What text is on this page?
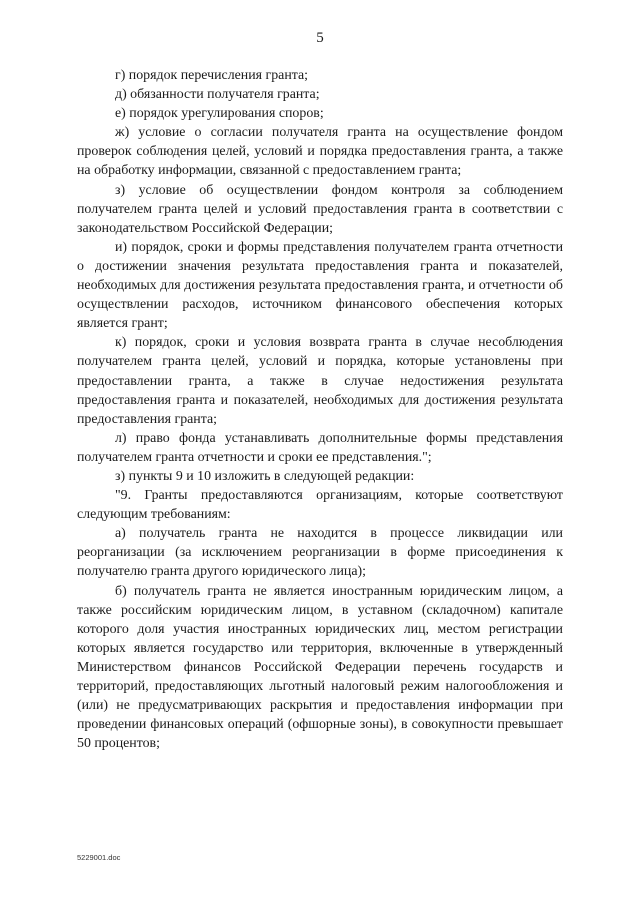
5

г) порядок перечисления гранта;

д) обязанности получателя гранта;

е) порядок урегулирования споров;

ж) условие о согласии получателя гранта на осуществление фондом проверок соблюдения целей, условий и порядка предоставления гранта, а также на обработку информации, связанной с предоставлением гранта;

з) условие об осуществлении фондом контроля за соблюдением получателем гранта целей и условий предоставления гранта в соответствии с законодательством Российской Федерации;

и) порядок, сроки и формы представления получателем гранта отчетности о достижении значения результата предоставления гранта и показателей, необходимых для достижения результата предоставления гранта, и отчетности об осуществлении расходов, источником финансового обеспечения которых является грант;

к) порядок, сроки и условия возврата гранта в случае несоблюдения получателем гранта целей, условий и порядка, которые установлены при предоставлении гранта, а также в случае недостижения результата предоставления гранта и показателей, необходимых для достижения результата предоставления гранта;

л) право фонда устанавливать дополнительные формы представления получателем гранта отчетности и сроки ее представления.";

з) пункты 9 и 10 изложить в следующей редакции:

"9. Гранты предоставляются организациям, которые соответствуют следующим требованиям:

а) получатель гранта не находится в процессе ликвидации или реорганизации (за исключением реорганизации в форме присоединения к получателю гранта другого юридического лица);

б) получатель гранта не является иностранным юридическим лицом, а также российским юридическим лицом, в уставном (складочном) капитале которого доля участия иностранных юридических лиц, местом регистрации которых является государство или территория, включенные в утвержденный Министерством финансов Российской Федерации перечень государств и территорий, предоставляющих льготный налоговый режим налогообложения и (или) не предусматривающих раскрытия и предоставления информации при проведении финансовых операций (офшорные зоны), в совокупности превышает 50 процентов;

5229001.doc
